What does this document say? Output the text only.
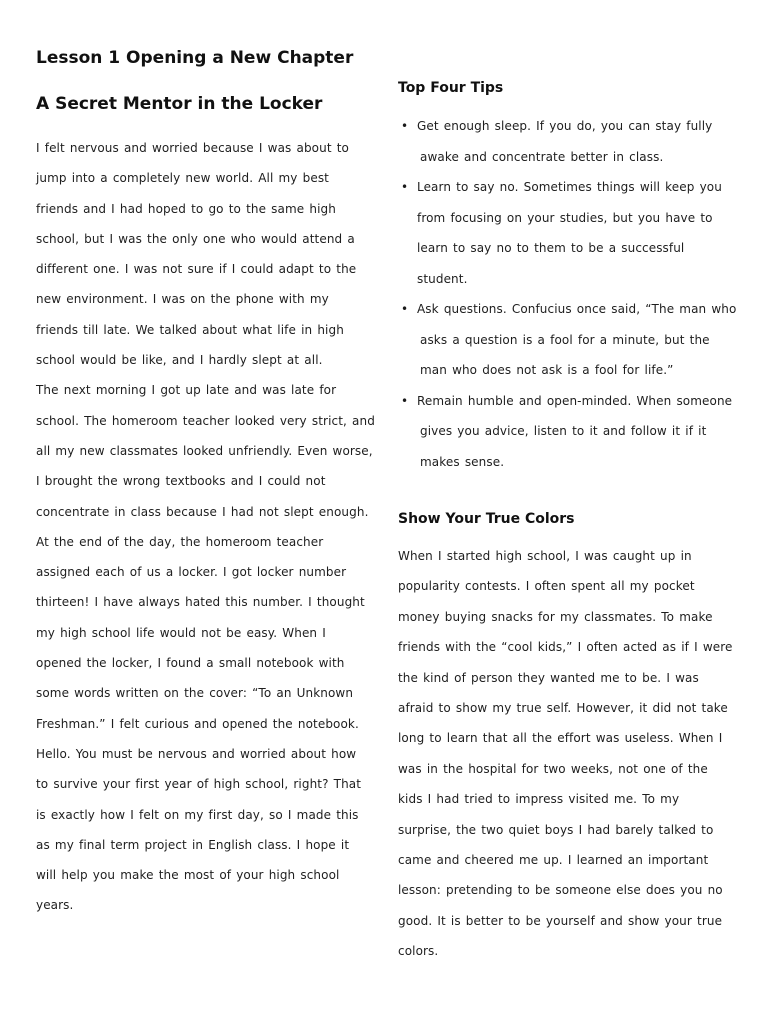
Lesson 1 Opening a New Chapter
A Secret Mentor in the Locker
I felt nervous and worried because I was about to
jump into a completely new world. All my best
friends and I had hoped to go to the same high
school, but I was the only one who would attend a
different one. I was not sure if I could adapt to the
new environment. I was on the phone with my
friends till late. We talked about what life in high
school would be like, and I hardly slept at all.
The next morning I got up late and was late for
school. The homeroom teacher looked very strict, and
all my new classmates looked unfriendly. Even worse,
I brought the wrong textbooks and I could not
concentrate in class because I had not slept enough.
At the end of the day, the homeroom teacher
assigned each of us a locker. I got locker number
thirteen! I have always hated this number. I thought
my high school life would not be easy. When I
opened the locker, I found a small notebook with
some words written on the cover: “To an Unknown
Freshman.” I felt curious and opened the notebook.
Hello. You must be nervous and worried about how
to survive your first year of high school, right? That
is exactly how I felt on my first day, so I made this
as my final term project in English class. I hope it
will help you make the most of your high school
years.
Top Four Tips
• Get enough sleep. If you do, you can stay fully
awake and concentrate better in class.
• Learn to say no. Sometimes things will keep you
from focusing on your studies, but you have to
learn to say no to them to be a successful
student.
• Ask questions. Confucius once said, “The man who
asks a question is a fool for a minute, but the
man who does not ask is a fool for life.”
• Remain humble and open-minded. When someone
gives you advice, listen to it and follow it if it
makes sense.
Show Your True Colors
When I started high school, I was caught up in
popularity contests. I often spent all my pocket
money buying snacks for my classmates. To make
friends with the “cool kids,” I often acted as if I were
the kind of person they wanted me to be. I was
afraid to show my true self. However, it did not take
long to learn that all the effort was useless. When I
was in the hospital for two weeks, not one of the
kids I had tried to impress visited me. To my
surprise, the two quiet boys I had barely talked to
came and cheered me up. I learned an important
lesson: pretending to be someone else does you no
good. It is better to be yourself and show your true
colors.
